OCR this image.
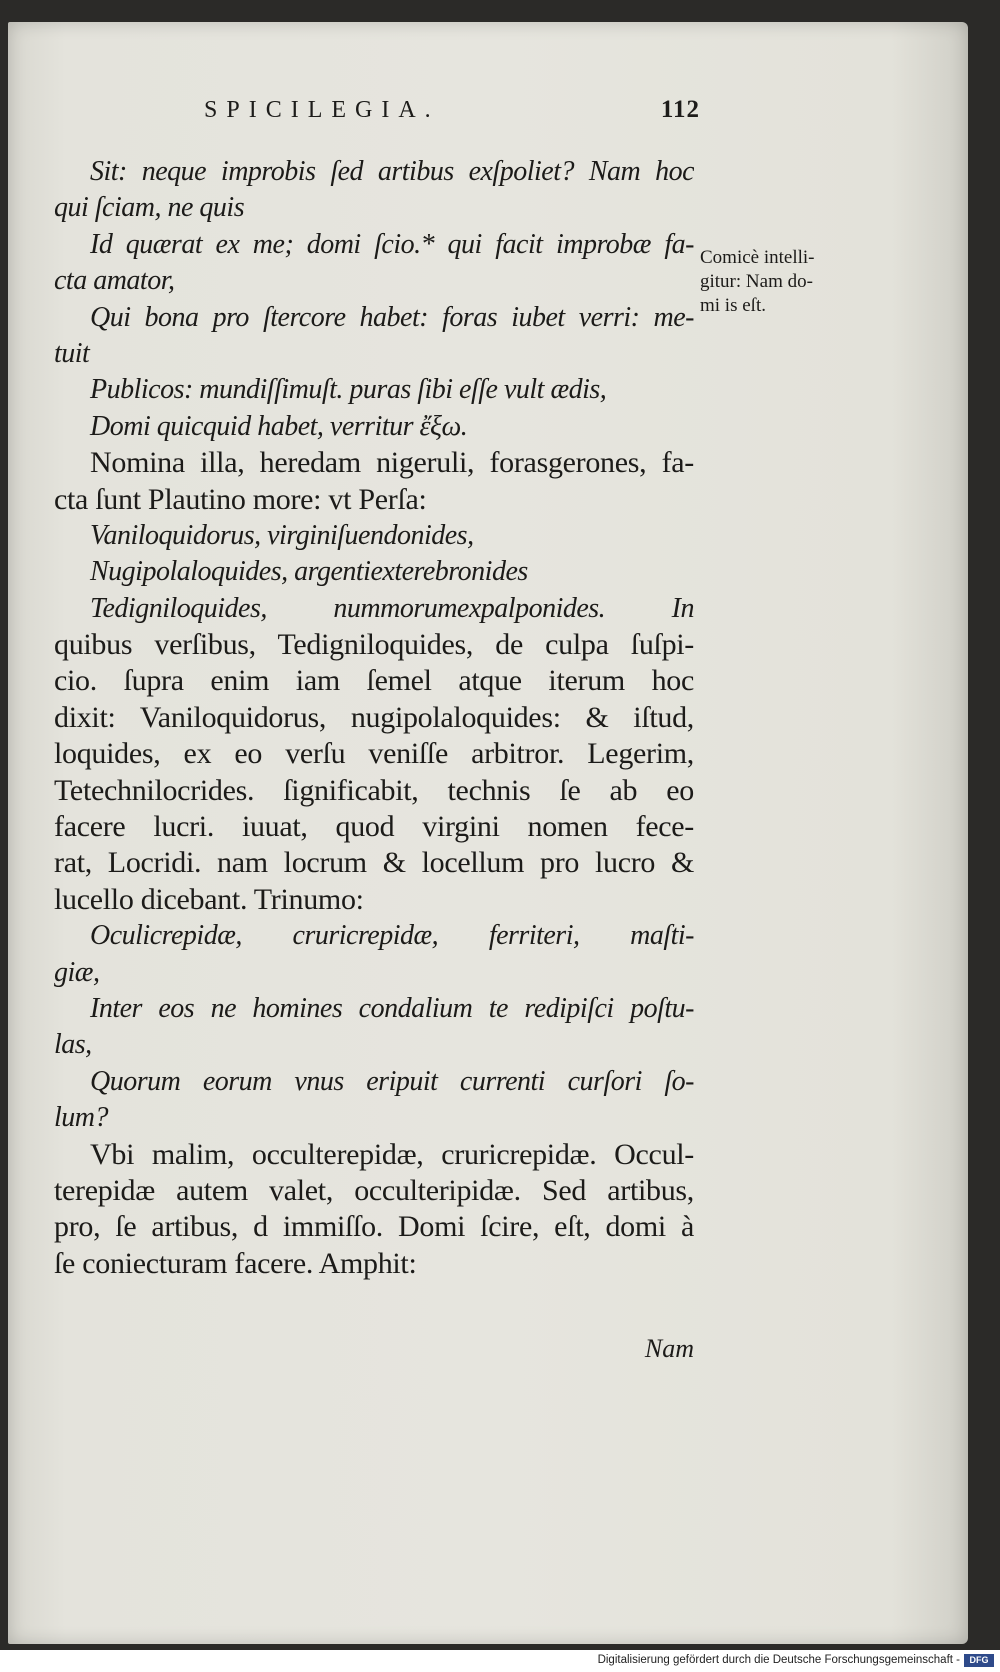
SPICILEGIA.	112
Sit: neque improbis ſed artibus exſpoliet? Nam hoc
qui ſciam, ne quis
Id quærat ex me; domi ſcio.* qui facit improbæ fa-
cta amator,
Qui bona pro ſtercore habet: foras iubet verri: me-
tuit
Publicos: mundiſſimuſt. puras ſibi eſſe vult ædis,
Domi quicquid habet, verritur ἔξω.
Nomina illa, heredam nigeruli, forasgerones, fa-
cta ſunt Plautino more: vt Perſa:
Vaniloquidorus, virginiſuendonides,
Nugipolaloquides, argentiexterebronides
Tedigniloquides, nummorumexpalponides. In
quibus verſibus, Tedigniloquides, de culpa ſuſpi-
cio. ſupra enim iam ſemel atque iterum hoc
dixit: Vaniloquidorus, nugipolaloquides: & iſtud,
loquides, ex eo verſu veniſſe arbitror. Legerim,
Tetechnilocrides. ſignificabit, technis ſe ab eo
facere lucri. iuuat, quod virgini nomen fece-
rat, Locridi. nam locrum & locellum pro lucro &
lucello dicebant. Trinumo:
Oculicrepidæ, cruricrepidæ, ferriteri, maſti-
giæ,
Inter eos ne homines condalium te redipiſci poſtu-
las,
Quorum eorum vnus eripuit currenti curſori ſo-
lum?
Vbi malim, occulterepidæ, cruricrepidæ. Occul-
terepidæ autem valet, occulteripidæ. Sed artibus,
pro, ſe artibus, d immiſſo. Domi ſcire, eſt, domi à
ſe coniecturam facere. Amphit:
Nam
Comicè intelli-
gitur: Nam do-
mi is eſt.
Digitalisierung gefördert durch die Deutsche Forschungsgemeinschaft -	DFG
